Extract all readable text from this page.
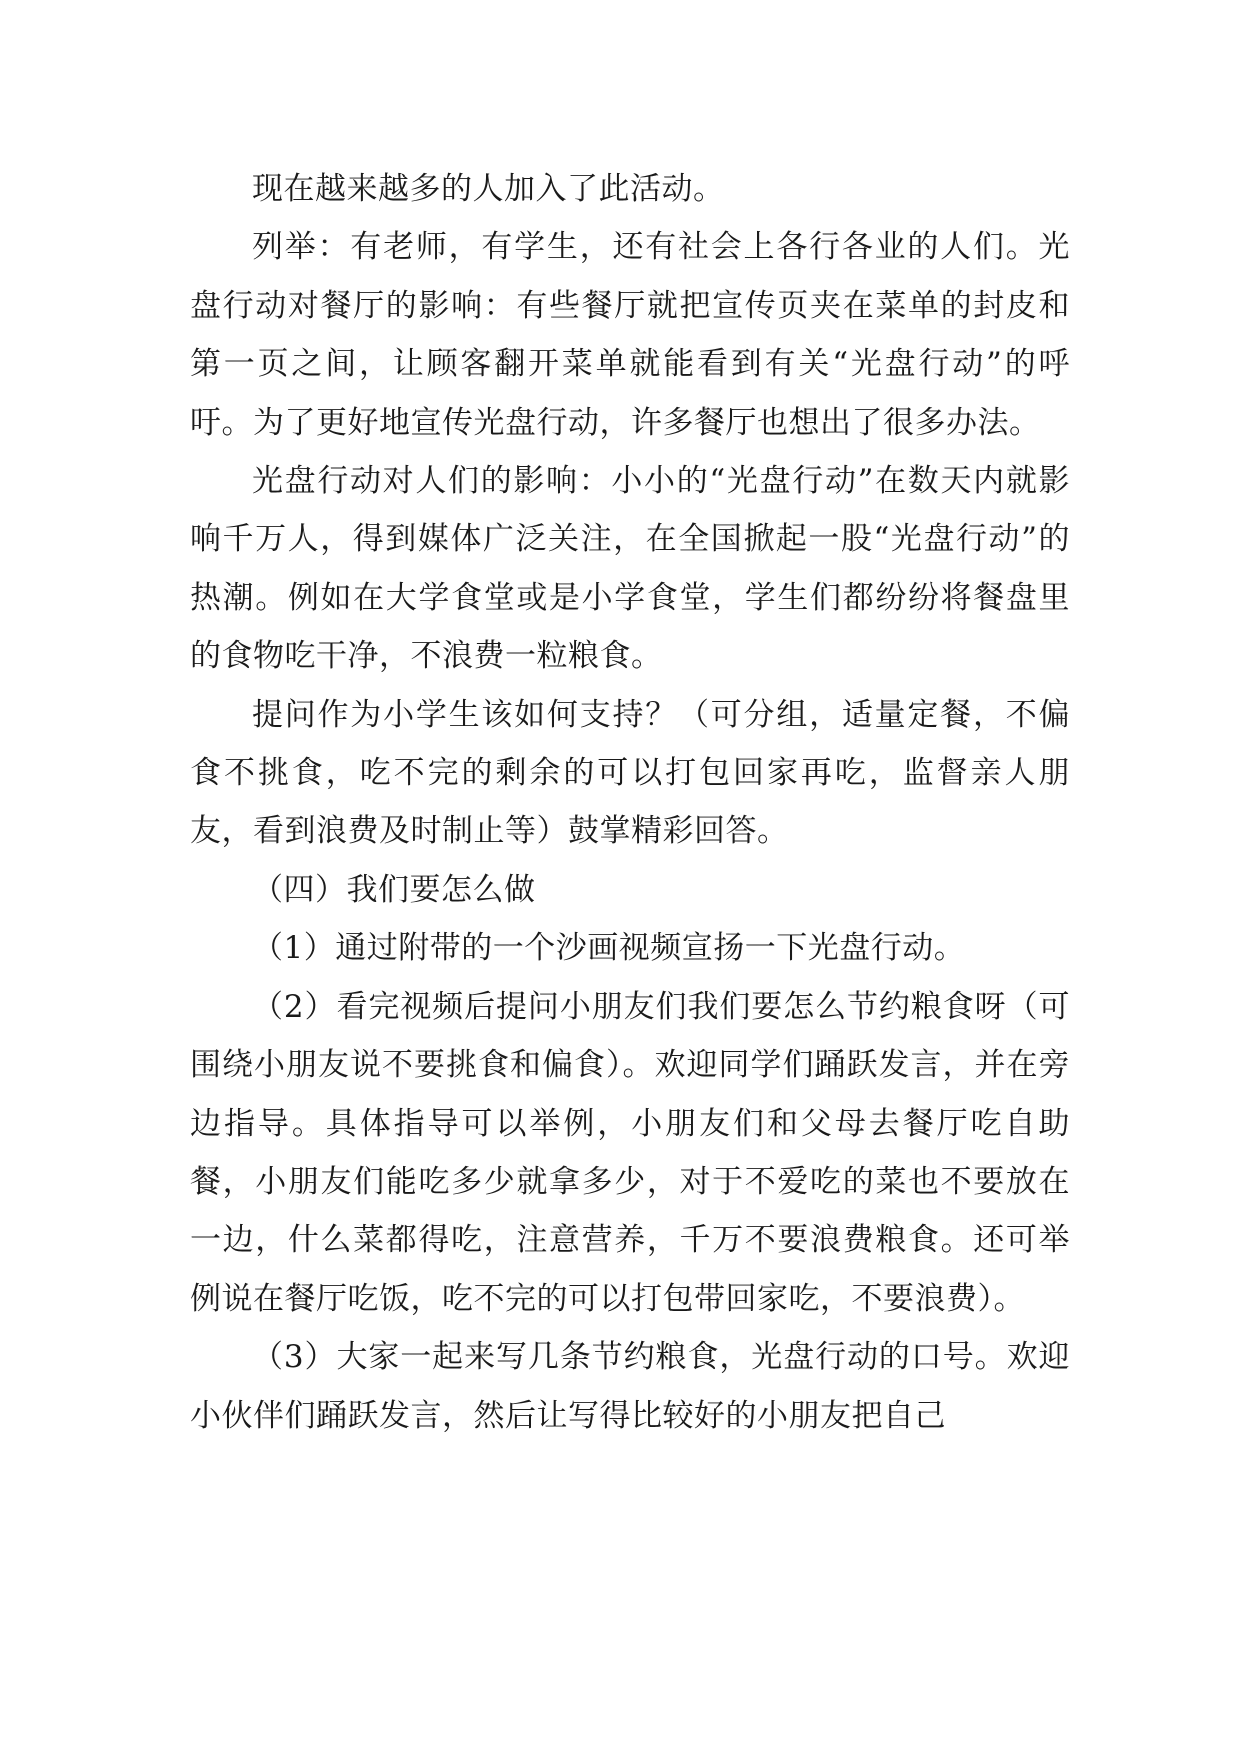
现在越来越多的人加入了此活动。

列举：有老师，有学生，还有社会上各行各业的人们。光盘行动对餐厅的影响：有些餐厅就把宣传页夹在菜单的封皮和第一页之间，让顾客翻开菜单就能看到有关“光盘行动”的呼吁。为了更好地宣传光盘行动，许多餐厅也想出了很多办法。

光盘行动对人们的影响：小小的“光盘行动”在数天内就影响千万人，得到媒体广泛关注，在全国掀起一股“光盘行动”的热潮。例如在大学食堂或是小学食堂，学生们都纷纷将餐盘里的食物吃干净，不浪费一粒粮食。

提问作为小学生该如何支持？（可分组，适量定餐，不偏食不挑食，吃不完的剩余的可以打包回家再吃，监督亲人朋友，看到浪费及时制止等）鼓掌精彩回答。

（四）我们要怎么做

（1）通过附带的一个沙画视频宣扬一下光盘行动。

（2）看完视频后提问小朋友们我们要怎么节约粮食呀（可围绕小朋友说不要挑食和偏食）。欢迎同学们踊跃发言，并在旁边指导。具体指导可以举例，小朋友们和父母去餐厅吃自助餐，小朋友们能吃多少就拿多少，对于不爱吃的菜也不要放在一边，什么菜都得吃，注意营养，千万不要浪费粮食。还可举例说在餐厅吃饭，吃不完的可以打包带回家吃，不要浪费）。

（3）大家一起来写几条节约粮食，光盘行动的口号。欢迎小伙伴们踊跃发言，然后让写得比较好的小朋友把自己
